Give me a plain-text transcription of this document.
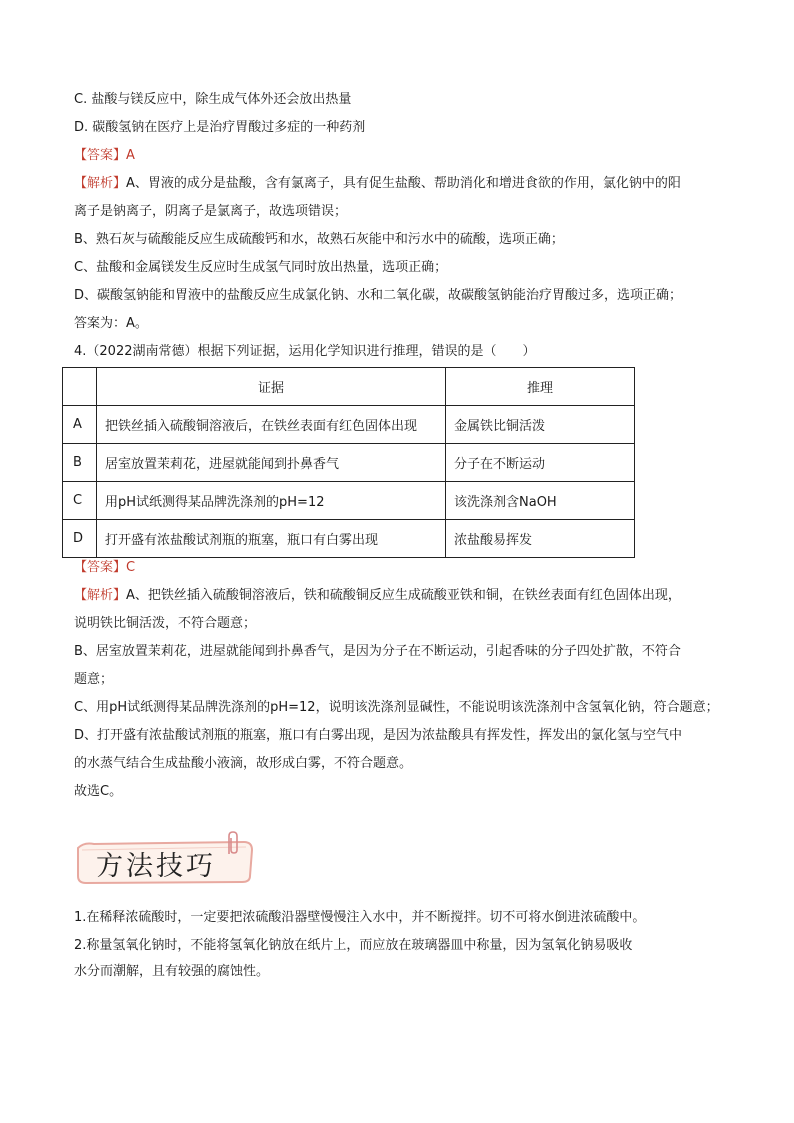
C. 盐酸与镁反应中，除生成气体外还会放出热量
D. 碳酸氢钠在医疗上是治疗胃酸过多症的一种药剂
【答案】A
【解析】A、胃液的成分是盐酸，含有氯离子，具有促生盐酸、帮助消化和增进食欲的作用，氯化钠中的阳
离子是钠离子，阴离子是氯离子，故选项错误；
B、熟石灰与硫酸能反应生成硫酸钙和水，故熟石灰能中和污水中的硫酸，选项正确；
C、盐酸和金属镁发生反应时生成氢气同时放出热量，选项正确；
D、碳酸氢钠能和胃液中的盐酸反应生成氯化钠、水和二氧化碳，故碳酸氢钠能治疗胃酸过多，选项正确；
答案为：A。
4.（2022湖南常德）根据下列证据，运用化学知识进行推理，错误的是（　　）
	证据	推理
A	把铁丝插入硫酸铜溶液后，在铁丝表面有红色固体出现	金属铁比铜活泼
B	居室放置茉莉花，进屋就能闻到扑鼻香气	分子在不断运动
C	用pH试纸测得某品牌洗涤剂的pH=12	该洗涤剂含NaOH
D	打开盛有浓盐酸试剂瓶的瓶塞，瓶口有白雾出现	浓盐酸易挥发
【答案】C
【解析】A、把铁丝插入硫酸铜溶液后，铁和硫酸铜反应生成硫酸亚铁和铜，在铁丝表面有红色固体出现，
说明铁比铜活泼，不符合题意；
B、居室放置茉莉花，进屋就能闻到扑鼻香气，是因为分子在不断运动，引起香味的分子四处扩散，不符合
题意；
C、用pH试纸测得某品牌洗涤剂的pH=12，说明该洗涤剂显碱性，不能说明该洗涤剂中含氢氧化钠，符合题意；
D、打开盛有浓盐酸试剂瓶的瓶塞，瓶口有白雾出现，是因为浓盐酸具有挥发性，挥发出的氯化氢与空气中
的水蒸气结合生成盐酸小液滴，故形成白雾，不符合题意。
故选C。
方法技巧
1.在稀释浓硫酸时，一定要把浓硫酸沿器壁慢慢注入水中，并不断搅拌。切不可将水倒进浓硫酸中。
2.称量氢氧化钠时，不能将氢氧化钠放在纸片上，而应放在玻璃器皿中称量，因为氢氧化钠易吸收
水分而潮解，且有较强的腐蚀性。
